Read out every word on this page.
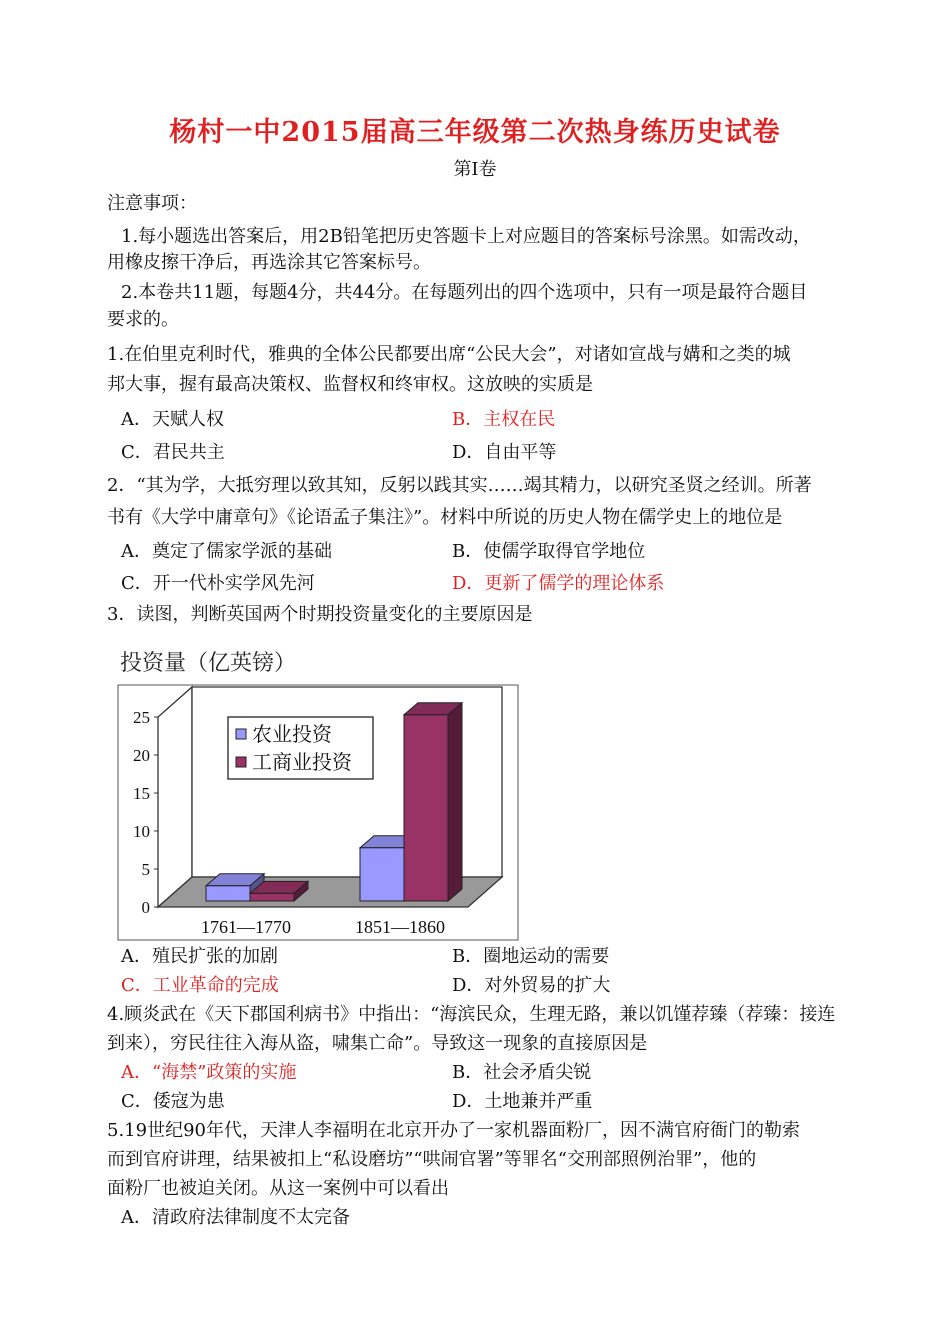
杨村一中2015届高三年级第二次热身练历史试卷
第Ⅰ卷
注意事项：
1.每小题选出答案后，用2B铅笔把历史答题卡上对应题目的答案标号涂黑。如需改动，
用橡皮擦干净后，再选涂其它答案标号。
2.本卷共11题，每题4分，共44分。在每题列出的四个选项中，只有一项是最符合题目
要求的。
1.在伯里克利时代，雅典的全体公民都要出席“公民大会”，对诸如宣战与媾和之类的城
邦大事，握有最高决策权、监督权和终审权。这放映的实质是
A．天赋人权	B．主权在民
C．君民共主	D．自由平等
2．“其为学，大抵穷理以致其知，反躬以践其实……竭其精力，以研究圣贤之经训。所著
书有《大学中庸章句》《论语孟子集注》”。材料中所说的历史人物在儒学史上的地位是
A．奠定了儒家学派的基础	B．使儒学取得官学地位
C．开一代朴实学风先河	D．更新了儒学的理论体系
3．读图，判断英国两个时期投资量变化的主要原因是
投资量（亿英镑）
0
5
10
15
20
25
1761—1770	1851—1860
农业投资
工商业投资
A．殖民扩张的加剧	B．圈地运动的需要
C．工业革命的完成	D．对外贸易的扩大
4.顾炎武在《天下郡国利病书》中指出：“海滨民众，生理无路，兼以饥馑荐臻（荐臻：接连
到来），穷民往往入海从盗，啸集亡命”。导致这一现象的直接原因是
A．“海禁”政策的实施	B．社会矛盾尖锐
C．倭寇为患	D．土地兼并严重
5.19世纪90年代，天津人李福明在北京开办了一家机器面粉厂，因不满官府衙门的勒索
而到官府讲理，结果被扣上“私设磨坊”“哄闹官署”等罪名“交刑部照例治罪”，他的
面粉厂也被迫关闭。从这一案例中可以看出
A．清政府法律制度不太完备
